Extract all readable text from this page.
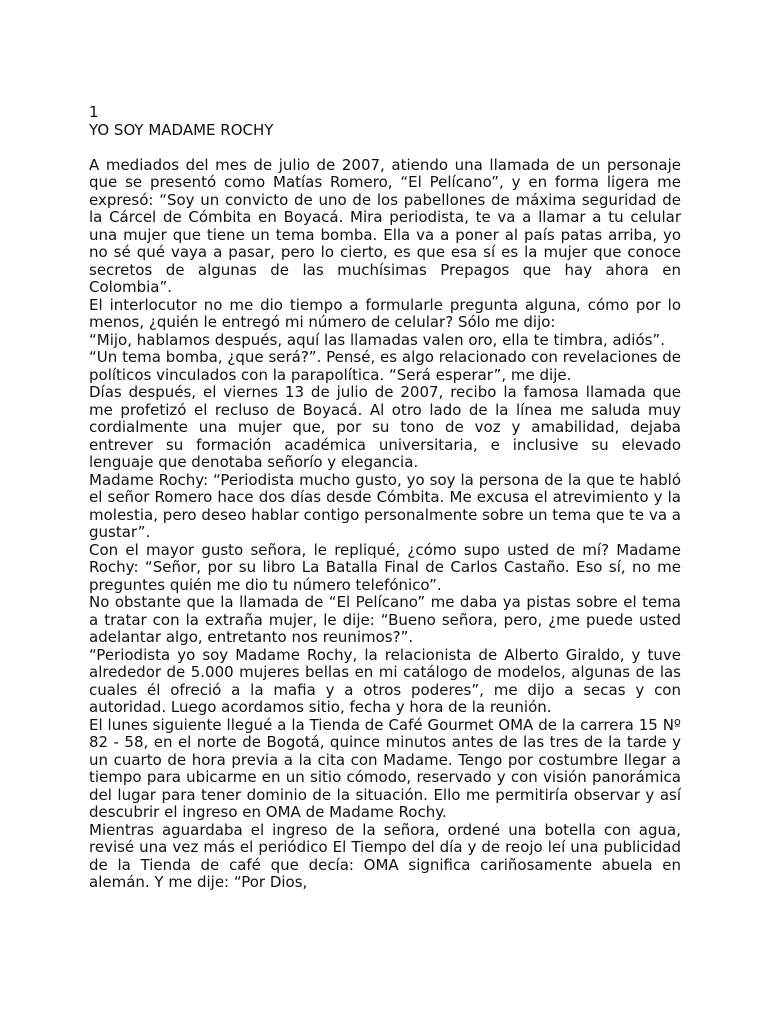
1
YO SOY MADAME ROCHY

A mediados del mes de julio de 2007, atiendo una llamada de un personaje que se presentó como Matías Romero, “El Pelícano”, y en forma ligera me expresó: “Soy un convicto de uno de los pabellones de máxima seguridad de la Cárcel de Cómbita en Boyacá. Mira periodista, te va a llamar a tu celular una mujer que tiene un tema bomba. Ella va a poner al país patas arriba, yo no sé qué vaya a pasar, pero lo cierto, es que esa sí es la mujer que conoce secretos de algunas de las muchísimas Prepagos que hay ahora en Colombia”.

El interlocutor no me dio tiempo a formularle pregunta alguna, cómo por lo menos, ¿quién le entregó mi número de celular? Sólo me dijo:

“Mijo, hablamos después, aquí las llamadas valen oro, ella te timbra, adiós”.

“Un tema bomba, ¿que será?”. Pensé, es algo relacionado con revelaciones de políticos vinculados con la parapolítica. “Será esperar”, me dije.

Días después, el viernes 13 de julio de 2007, recibo la famosa llamada que me profetizó el recluso de Boyacá. Al otro lado de la línea me saluda muy cordialmente una mujer que, por su tono de voz y amabilidad, dejaba entrever su formación académica universitaria, e inclusive su elevado lenguaje que denotaba señorío y elegancia.

Madame Rochy: “Periodista mucho gusto, yo soy la persona de la que te habló el señor Romero hace dos días desde Cómbita. Me excusa el atrevimiento y la molestia, pero deseo hablar contigo personalmente sobre un tema que te va a gustar”.

Con el mayor gusto señora, le repliqué, ¿cómo supo usted de mí? Madame Rochy: “Señor, por su libro La Batalla Final de Carlos Castaño. Eso sí, no me preguntes quién me dio tu número telefónico”.

No obstante que la llamada de “El Pelícano” me daba ya pistas sobre el tema a tratar con la extraña mujer, le dije: “Bueno señora, pero, ¿me puede usted adelantar algo, entretanto nos reunimos?”.

“Periodista yo soy Madame Rochy, la relacionista de Alberto Giraldo, y tuve alrededor de 5.000 mujeres bellas en mi catálogo de modelos, algunas de las cuales él ofreció a la mafia y a otros poderes”, me dijo a secas y con autoridad. Luego acordamos sitio, fecha y hora de la reunión.

El lunes siguiente llegué a la Tienda de Café Gourmet OMA de la carrera 15 Nº 82 - 58, en el norte de Bogotá, quince minutos antes de las tres de la tarde y un cuarto de hora previa a la cita con Madame. Tengo por costumbre llegar a tiempo para ubicarme en un sitio cómodo, reservado y con visión panorámica del lugar para tener dominio de la situación. Ello me permitiría observar y así descubrir el ingreso en OMA de Madame Rochy.

Mientras aguardaba el ingreso de la señora, ordené una botella con agua, revisé una vez más el periódico El Tiempo del día y de reojo leí una publicidad de la Tienda de café que decía: OMA significa cariñosamente abuela en alemán. Y me dije: “Por Dios,
